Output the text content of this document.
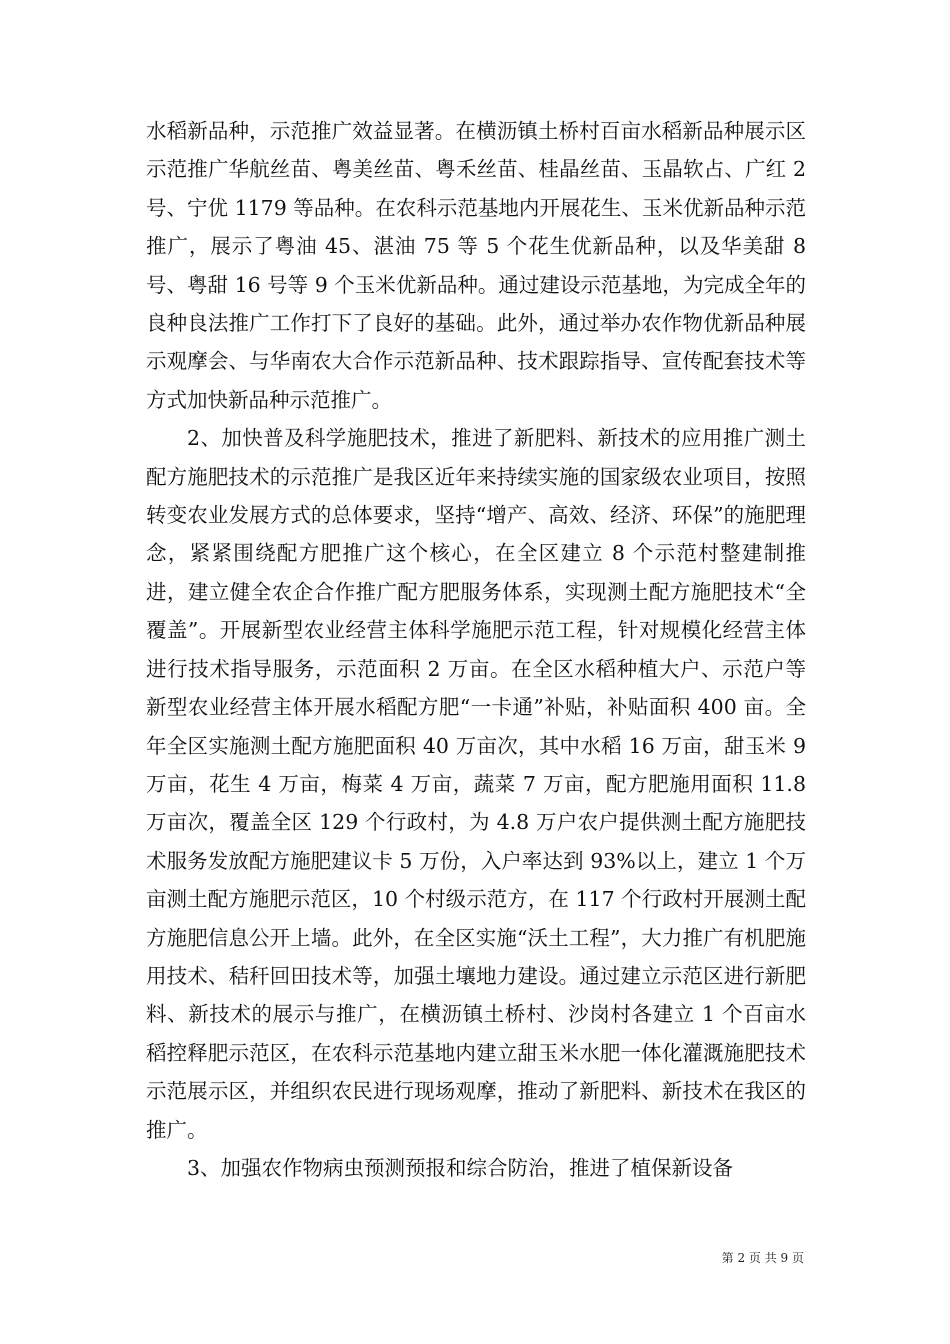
水稻新品种，示范推广效益显著。在横沥镇土桥村百亩水稻新品种展示区示范推广华航丝苗、粤美丝苗、粤禾丝苗、桂晶丝苗、玉晶软占、广红 2 号、宁优 1179 等品种。在农科示范基地内开展花生、玉米优新品种示范推广，展示了粤油 45、湛油 75 等 5 个花生优新品种，以及华美甜 8 号、粤甜 16 号等 9 个玉米优新品种。通过建设示范基地，为完成全年的良种良法推广工作打下了良好的基础。此外，通过举办农作物优新品种展示观摩会、与华南农大合作示范新品种、技术跟踪指导、宣传配套技术等方式加快新品种示范推广。

2、加快普及科学施肥技术，推进了新肥料、新技术的应用推广测土配方施肥技术的示范推广是我区近年来持续实施的国家级农业项目，按照转变农业发展方式的总体要求，坚持“增产、高效、经济、环保”的施肥理念，紧紧围绕配方肥推广这个核心，在全区建立 8 个示范村整建制推进，建立健全农企合作推广配方肥服务体系，实现测土配方施肥技术“全覆盖”。开展新型农业经营主体科学施肥示范工程，针对规模化经营主体进行技术指导服务，示范面积 2 万亩。在全区水稻种植大户、示范户等新型农业经营主体开展水稻配方肥“一卡通”补贴，补贴面积 400 亩。全年全区实施测土配方施肥面积 40 万亩次，其中水稻 16 万亩，甜玉米 9 万亩，花生 4 万亩，梅菜 4 万亩，蔬菜 7 万亩，配方肥施用面积 11.8 万亩次，覆盖全区 129 个行政村，为 4.8 万户农户提供测土配方施肥技术服务发放配方施肥建议卡 5 万份，入户率达到 93%以上，建立 1 个万亩测土配方施肥示范区，10 个村级示范方，在 117 个行政村开展测土配方施肥信息公开上墙。此外，在全区实施“沃土工程”，大力推广有机肥施用技术、秸秆回田技术等，加强土壤地力建设。通过建立示范区进行新肥料、新技术的展示与推广，在横沥镇土桥村、沙岗村各建立 1 个百亩水稻控释肥示范区，在农科示范基地内建立甜玉米水肥一体化灌溉施肥技术示范展示区，并组织农民进行现场观摩，推动了新肥料、新技术在我区的推广。

3、加强农作物病虫预测预报和综合防治，推进了植保新设备

第 2 页 共 9 页
